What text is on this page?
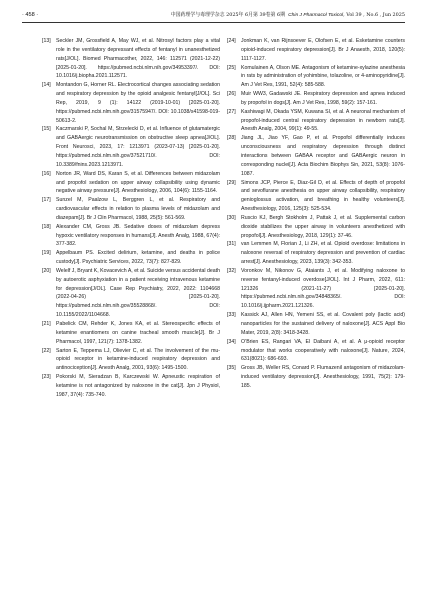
· 458 ·	中国药理学与毒理学杂志 2025年 6月第 39卷第 6期 Chin J Pharmacol Toxicol, Vol 39 , No.6 , Jun 2025
[13] Seckler JM, Grossfield A, May WJ, et al. Nitrosyl factors play a vital role in the ventilatory depressant effects of fentanyl in unanesthetized rats[J/OL]. Biomed Pharmacother, 2022, 146: 112571 (2021-12-22) [2025-01-20]. https://pubmed.ncbi.nlm.nih.gov/34953397/. DOI: 10.1016/j.biopha.2021.112571.
[14] Montandon G, Horner RL. Electrocortical changes associating sedation and respiratory depression by the opioid analgesic fentanyl[J/OL]. Sci Rep, 2019, 9 (1): 14122 (2019-10-01) [2025-01-20]. https://pubmed.ncbi.nlm.nih.gov/31575947/. DOI: 10.1038/s41598-019-50613-2.
[15] Kaczmarski P, Sochal M, Strzelecki D, et al. Influence of glutamatergic and GABAergic neurotransmission on obstructive sleep apnea[J/OL]. Front Neurosci, 2023, 17: 1213971 (2023-07-13) [2025-01-20]. https://pubmed.ncbi.nlm.nih.gov/37521710/. DOI: 10.3389/fnins.2023.1213971.
[16] Norton JR, Ward DS, Karan S, et al. Differences between midazolam and propofol sedation on upper airway collapsibility using dynamic negative airway pressure[J]. Anesthesiology, 2006, 104(6): 1155-1164.
[17] Sunzel M, Paalzow L, Berggren L, et al. Respiratory and cardiovascular effects in relation to plasma levels of midazolam and diazepam[J]. Br J Clin Pharmacol, 1988, 25(5): 561-569.
[18] Alexander CM, Gross JB. Sedative doses of midazolam depress hypoxic ventilatory responses in humans[J]. Anesth Analg, 1988, 67(4): 377-382.
[19] Appelbaum PS. Excited delirium, ketamine, and deaths in police custody[J]. Psychiatric Services, 2022, 73(7): 827-829.
[20] Welelf J, Bryant K, Kovacevich A, et al. Suicide versus accidental death by autoerotic asphyxiation in a patient receiving intravenous ketamine for depression[J/OL]. Case Rep Psychiatry, 2022, 2022: 1104668 (2022-04-26) [2025-01-20]. https://pubmed.ncbi.nlm.nih.gov/35528868/. DOI: 10.1155/2022/1104668.
[21] Pabelick CM, Rehder K, Jones KA, et al. Stereospecific effects of ketamine enantiomers on canine tracheal smooth muscle[J]. Br J Pharmacol, 1997, 121(7): 1378-1382.
[22] Sarton E, Teppema LJ, Olievier C, et al. The involvement of the mu-opioid receptor in ketamine-induced respiratory depression and antinociception[J]. Anesth Analg, 2001, 93(6): 1495-1500.
[23] Pokorski M, Sieradzan B, Karczewski W. Apneustic respiration of ketamine is not antagonized by naloxone in the cat[J]. Jpn J Physiol, 1987, 37(4): 735-740.
[24] Jonkman K, van Rijnsoever E, Olofsen E, et al. Esketamine counters opioid-induced respiratory depression[J]. Br J Anaesth, 2018, 120(5): 1117-1127.
[25] Komulainen A, Olson ME. Antagonism of ketamine-xylazine anesthesia in rats by administration of yohimbine, tolazoline, or 4-aminopyridine[J]. Am J Vet Res, 1991, 52(4): 585-588.
[26] Muir WW3, Gadawski JE. Respiratory depression and apnea induced by propofol in dogs[J]. Am J Vet Res, 1998, 59(2): 157-161.
[27] Kashiwagi M, Okada YSM, Kuwana SI, et al. A neuronal mechanism of propofol-induced central respiratory depression in newborn rats[J]. Anesth Analg, 2004, 99(1): 49-55.
[28] Jiang JL, Jiao YF, Gao P, et al. Propofol differentially induces unconsciousness and respiratory depression through distinct interactions between GABAA receptor and GABAergic neuron in corresponding nuclei[J]. Acta Biochim Biophys Sin, 2021, 53(8): 1076-1087.
[29] Simons JCP, Pierce E, Diaz-Gil D, et al. Effects of depth of propofol and sevoflurane anesthesia on upper airway collapsibility, respiratory genioglossus activation, and breathing in healthy volunteers[J]. Anesthesiology, 2016, 125(3): 525-534.
[30] Ruscio KJ, Bergh Stokholm J, Pattak J, et al. Supplemental carbon dioxide stabilizes the upper airway in volunteers anesthetized with propofol[J]. Anesthesiology, 2018, 129(1): 37-46.
[31] van Lemmen M, Florian J, Li ZH, et al. Opioid overdose: limitations in naloxone reversal of respiratory depression and prevention of cardiac arrest[J]. Anesthesiology, 2023, 139(3): 342-353.
[32] Voronkov M, Nikonov G, Ataiants J, et al. Modifying naloxone to reverse fentanyl-induced overdose[J/OL]. Int J Pharm, 2022, 611: 121326 (2021-11-27) [2025-01-20]. https://pubmed.ncbi.nlm.nih.gov/34848365/. DOI: 10.1016/j.ijpharm.2021.121326.
[33] Kassick AJ, Allen HN, Yemeni SS, et al. Covalent poly (lactic acid) nanoparticles for the sustained delivery of naloxone[J]. ACS Appl Bio Mater, 2019, 2(8): 3418-3428.
[34] O’Brien ES, Rangari VA, El Daibani A, et al. A μ-opioid receptor modulator that works cooperatively with naloxone[J]. Nature, 2024, 631(8021): 686-693.
[35] Gross JB, Weller RS, Conard P. Flumazenil antagonism of midazolam-induced ventilatory depression[J]. Anesthesiology, 1991, 75(2): 179-185.
